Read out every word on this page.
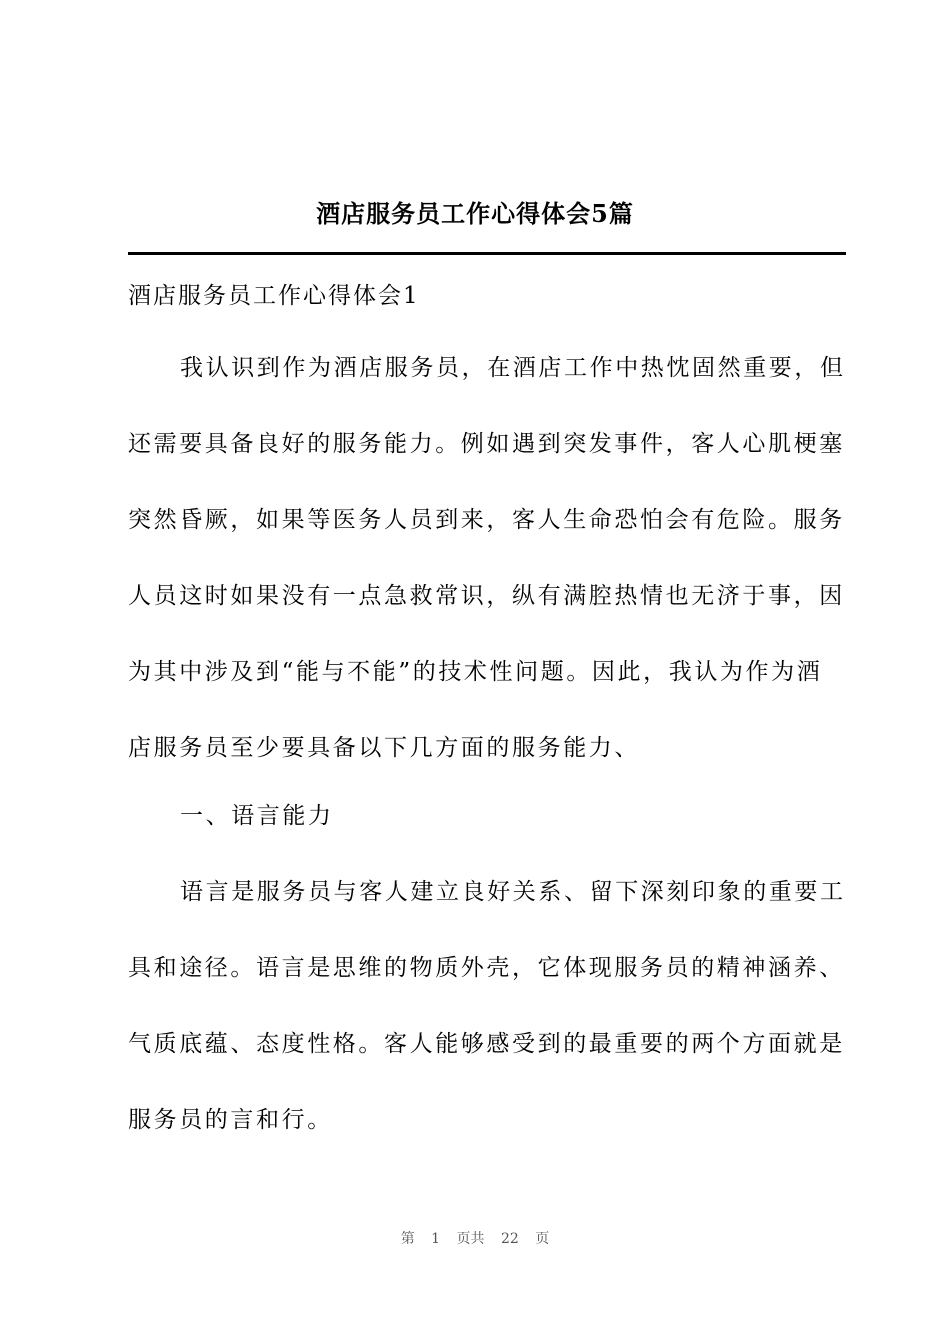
酒店服务员工作心得体会5篇
酒店服务员工作心得体会1
我认识到作为酒店服务员，在酒店工作中热忱固然重要，但
还需要具备良好的服务能力。例如遇到突发事件，客人心肌梗塞
突然昏厥，如果等医务人员到来，客人生命恐怕会有危险。服务
人员这时如果没有一点急救常识，纵有满腔热情也无济于事，因
为其中涉及到“能与不能”的技术性问题。因此，我认为作为酒
店服务员至少要具备以下几方面的服务能力、
一、语言能力
语言是服务员与客人建立良好关系、留下深刻印象的重要工
具和途径。语言是思维的物质外壳，它体现服务员的精神涵养、
气质底蕴、态度性格。客人能够感受到的最重要的两个方面就是
服务员的言和行。
第 1 页共 22 页
